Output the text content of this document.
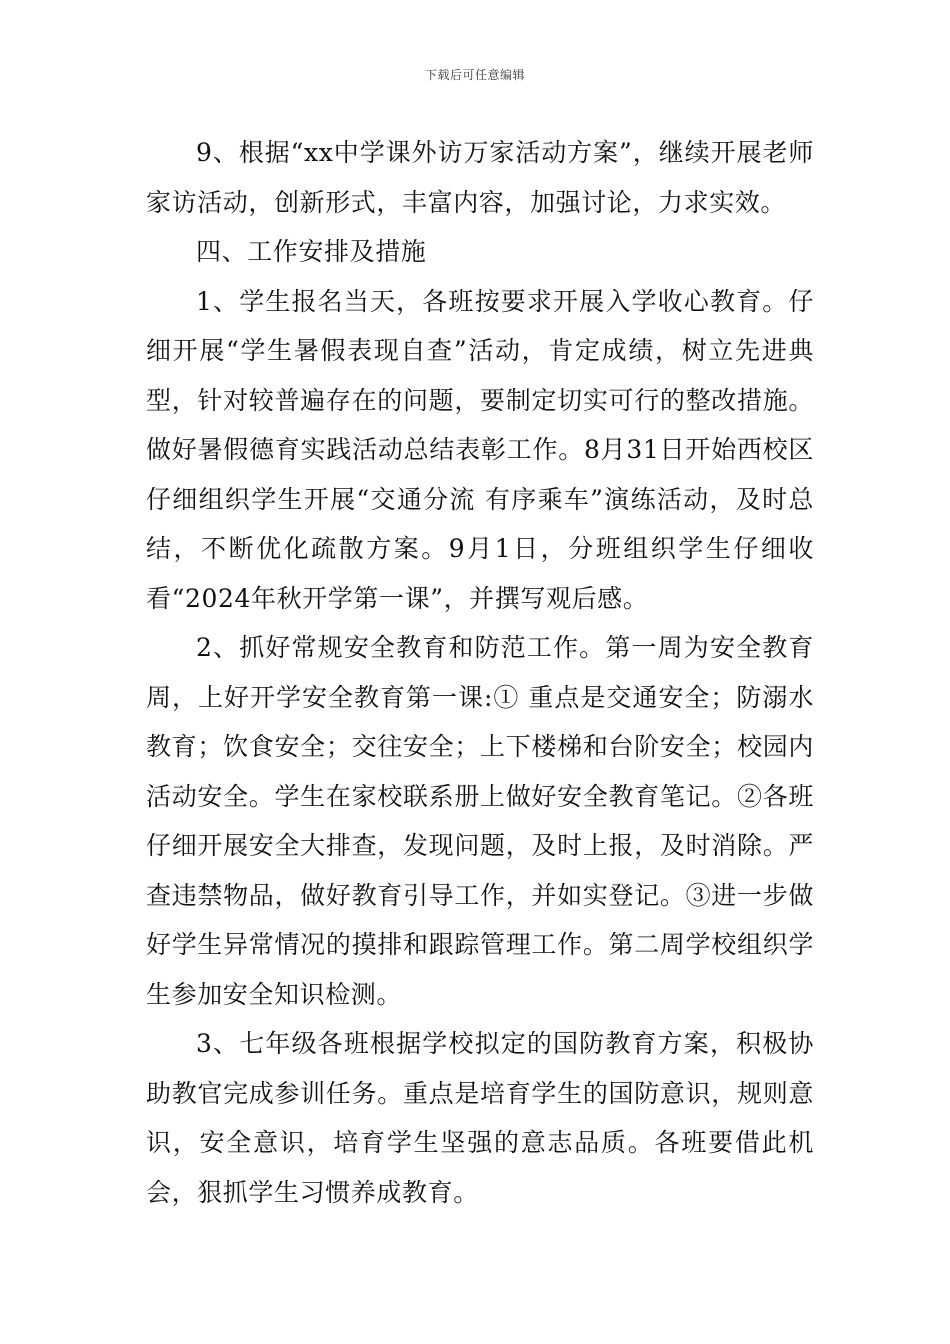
下载后可任意编辑

9、根据“xx中学课外访万家活动方案”，继续开展老师家访活动，创新形式，丰富内容，加强讨论，力求实效。

四、工作安排及措施

1、学生报名当天，各班按要求开展入学收心教育。仔细开展“学生暑假表现自查”活动，肯定成绩，树立先进典型，针对较普遍存在的问题，要制定切实可行的整改措施。做好暑假德育实践活动总结表彰工作。8月31日开始西校区仔细组织学生开展“交通分流 有序乘车”演练活动，及时总结，不断优化疏散方案。9月1日，分班组织学生仔细收看“2024年秋开学第一课”，并撰写观后感。

2、抓好常规安全教育和防范工作。第一周为安全教育周，上好开学安全教育第一课:① 重点是交通安全；防溺水教育；饮食安全；交往安全；上下楼梯和台阶安全；校园内活动安全。学生在家校联系册上做好安全教育笔记。②各班仔细开展安全大排查，发现问题，及时上报，及时消除。严查违禁物品，做好教育引导工作，并如实登记。③进一步做好学生异常情况的摸排和跟踪管理工作。第二周学校组织学生参加安全知识检测。

3、七年级各班根据学校拟定的国防教育方案，积极协助教官完成参训任务。重点是培育学生的国防意识，规则意识，安全意识，培育学生坚强的意志品质。各班要借此机会，狠抓学生习惯养成教育。
